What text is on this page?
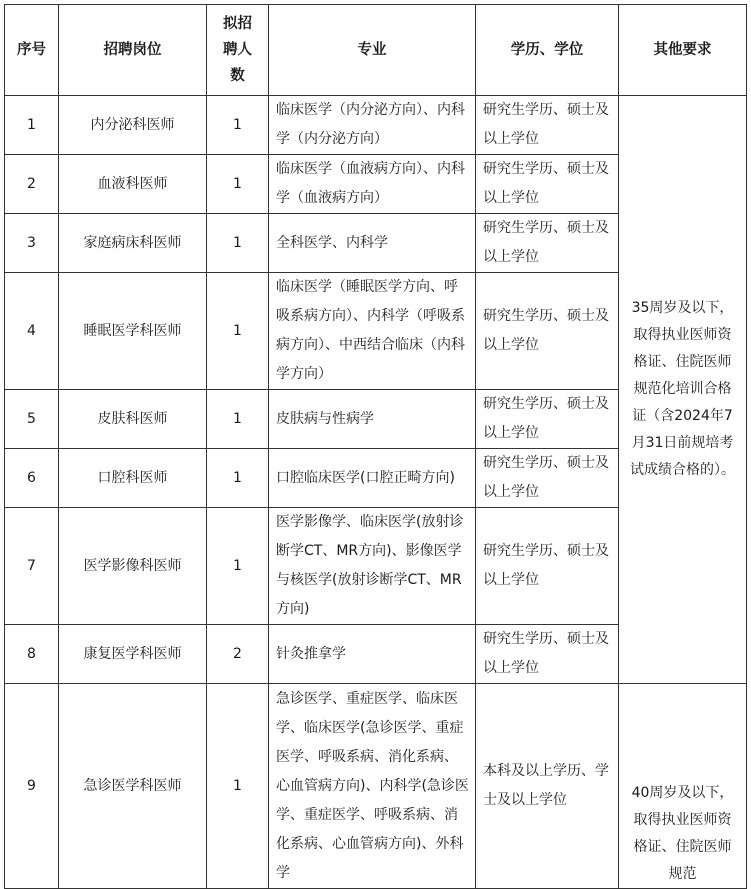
序号	招聘岗位	拟招聘人数	专业	学历、学位	其他要求
1	内分泌科医师	1	临床医学（内分泌方向）、内科学（内分泌方向）	研究生学历、硕士及以上学位	35周岁及以下，取得执业医师资格证、住院医师规范化培训合格证（含2024年7月31日前规培考试成绩合格的）。
2	血液科医师	1	临床医学（血液病方向）、内科学（血液病方向）	研究生学历、硕士及以上学位	
3	家庭病床科医师	1	全科医学、内科学	研究生学历、硕士及以上学位	
4	睡眠医学科医师	1	临床医学（睡眠医学方向、呼吸系病方向）、内科学（呼吸系病方向）、中西结合临床（内科学方向）	研究生学历、硕士及以上学位	
5	皮肤科医师	1	皮肤病与性病学	研究生学历、硕士及以上学位	
6	口腔科医师	1	口腔临床医学(口腔正畸方向)	研究生学历、硕士及以上学位	
7	医学影像科医师	1	医学影像学、临床医学(放射诊断学CT、MR方向)、影像医学与核医学(放射诊断学CT、MR方向)	研究生学历、硕士及以上学位	
8	康复医学科医师	2	针灸推拿学	研究生学历、硕士及以上学位	
9	急诊医学科医师	1	急诊医学、重症医学、临床医学、临床医学(急诊医学、重症医学、呼吸系病、消化系病、心血管病方向)、内科学(急诊医学、重症医学、呼吸系病、消化系病、心血管病方向)、外科学	本科及以上学历、学士及以上学位	40周岁及以下，取得执业医师资格证、住院医师规范
